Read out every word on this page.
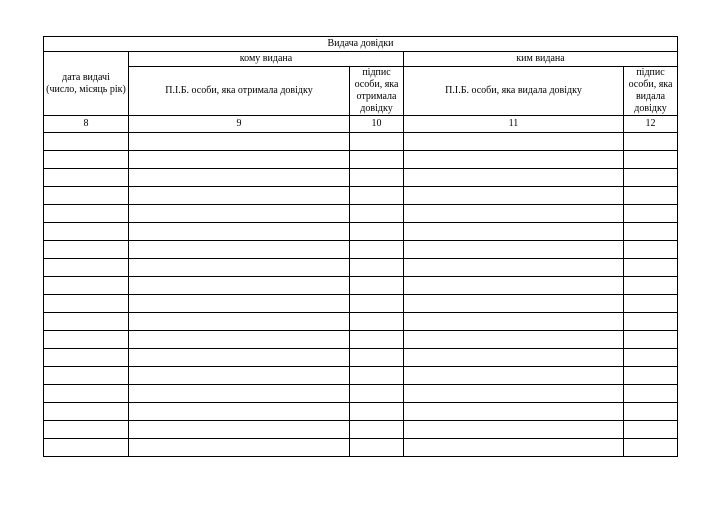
Видача довідки				
дата видачі (число, місяць рік)	кому видана		ким видана	
	П.І.Б. особи, яка отримала довідку	підпис особи, яка отримала довідку	П.І.Б. особи, яка видала довідку	підпис особи, яка видала довідку
8	9	10	11	12
